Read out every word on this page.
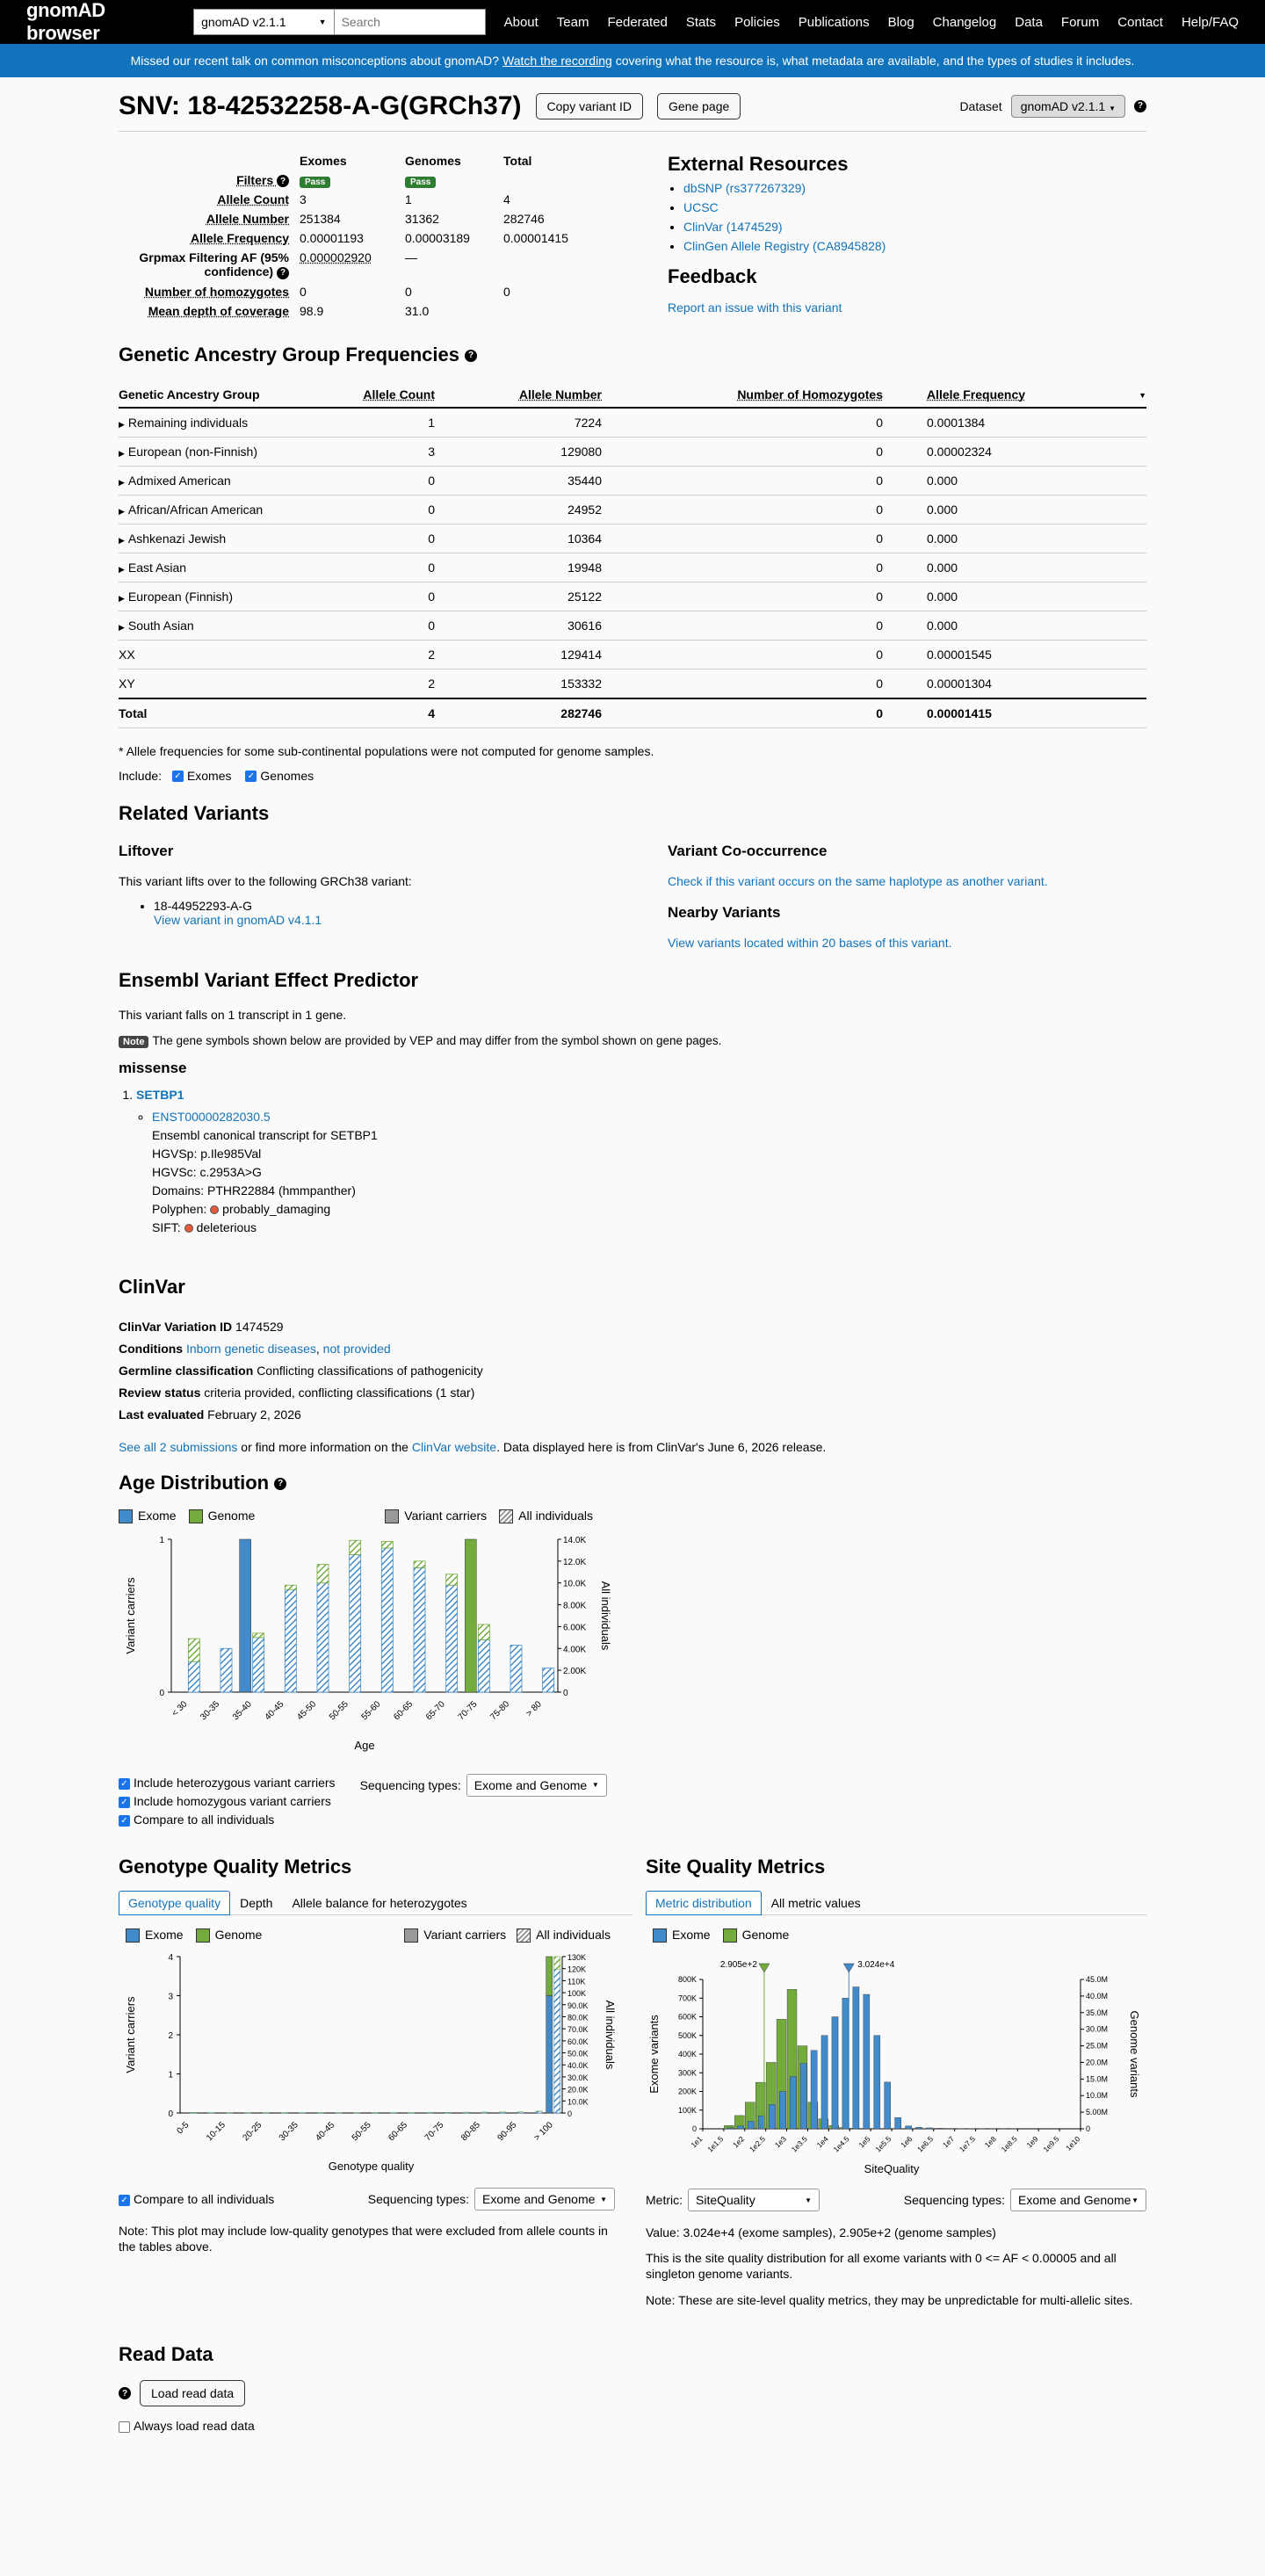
gnomAD browser	gnomAD v2.1.1	▼
Search	About Team Federated Stats Policies Publications Blog Changelog Data Forum Contact Help/FAQ
Missed our recent talk on common misconceptions about gnomAD? Watch the recording covering what the resource is, what metadata are available, and the types of studies it includes.
SNV: 18-42532258-A-G(GRCh37)	Copy variant ID	Gene page	Dataset	gnomAD v2.1.1 ▼	?
	Exomes	Genomes	Total
Filters ?	Pass	Pass	
Allele Count	3	1	4
Allele Number	251384	31362	282746
Allele Frequency	0.00001193	0.00003189	0.00001415
Grpmax Filtering AF (95% confidence) ?	0.000002920	—	
Number of homozygotes	0	0	0
Mean depth of coverage	98.9	31.0	
External Resources
• dbSNP (rs377267329)
• UCSC
• ClinVar (1474529)
• ClinGen Allele Registry (CA8945828)
Feedback
Report an issue with this variant
Genetic Ancestry Group Frequencies ?
Genetic Ancestry Group	Allele Count	Allele Number	Number of Homozygotes	Allele Frequency ▼

▶ Remaining individuals	1	7224	0	0.0001384
▶ European (non-Finnish)	3	129080	0	0.00002324
▶ Admixed American	0	35440	0	0.000
▶ African/African American	0	24952	0	0.000
▶ Ashkenazi Jewish	0	10364	0	0.000
▶ East Asian	0	19948	0	0.000
▶ European (Finnish)	0	25122	0	0.000
▶ South Asian	0	30616	0	0.000
XX	2	129414	0	0.00001545
XY	2	153332	0	0.00001304
Total	4	282746	0	0.00001415
* Allele frequencies for some sub-continental populations were not computed for genome samples.
Include: ✓ Exomes ✓ Genomes
Related Variants
Liftover
This variant lifts over to the following GRCh38 variant:
• 18-44952293-A-G
View variant in gnomAD v4.1.1
Variant Co-occurrence
Check if this variant occurs on the same haplotype as another variant.
Nearby Variants
View variants located within 20 bases of this variant.
Ensembl Variant Effect Predictor
This variant falls on 1 transcript in 1 gene.
Note The gene symbols shown below are provided by VEP and may differ from the symbol shown on gene pages.
missense
1. SETBP1
◦ ENST00000282030.5
Ensembl canonical transcript for SETBP1
HGVSp: p.Ile985Val
HGVSc: c.2953A>G
Domains: PTHR22884 (hmmpanther)
Polyphen: probably_damaging
SIFT: deleterious
ClinVar
ClinVar Variation ID 1474529
Conditions Inborn genetic diseases, not provided
Germline classification Conflicting classifications of pathogenicity
Review status criteria provided, conflicting classifications (1 star)
Last evaluated February 2, 2026
See all 2 submissions or find more information on the ClinVar website. Data displayed here is from ClinVar's June 6, 2026 release.
Age Distribution ?
Exome	Genome	Variant carriers	All individuals
0
1
0
2.00K
4.00K
6.00K
8.00K
10.0K
12.0K
14.0K
< 30 30-35 35-40 40-45 45-50 50-55 55-60 60-65 65-70 70-75 75-80 > 80
Variant carriers	All individuals
Age
✓ Include heterozygous variant carriers
✓ Include homozygous variant carriers
✓ Compare to all individuals
Sequencing types: Exome and Genome ▼
Genotype Quality Metrics
Genotype quality	Depth	Allele balance for heterozygotes
Exome	Genome	Variant carriers	All individuals
0
1
2
3
4
0
10.0K
20.0K
30.0K
40.0K
50.0K
60.0K
70.0K
80.0K
90.0K
100K
110K
120K
130K
0-5 10-15 20-25 30-35 40-45 50-55 60-65 70-75 80-85 90-95 > 100
Variant carriers	All individuals
Genotype quality
✓ Compare to all individuals	Sequencing types: Exome and Genome ▼
Note: This plot may include low-quality genotypes that were excluded from allele counts in the tables above.
Site Quality Metrics
Metric distribution	All metric values
Exome	Genome
0
100K
200K
300K
400K
500K
600K
700K
800K
0
5.00M
10.0M
15.0M
20.0M
25.0M
30.0M
35.0M
40.0M
45.0M
2.905e+2	3.024e+4
1e1 1e1.5 1e2 1e2.5 1e3 1e3.5 1e4 1e4.5 1e5 1e5.5 1e6 1e6.5 1e7 1e7.5 1e8 1e8.5 1e9 1e9.5 1e10
Exome variants	Genome variants
SiteQuality
Metric: SiteQuality	▼	Sequencing types: Exome and Genome ▼
Value: 3.024e+4 (exome samples), 2.905e+2 (genome samples)
This is the site quality distribution for all exome variants with 0 <= AF < 0.00005 and all singleton genome variants.
Note: These are site-level quality metrics, they may be unpredictable for multi-allelic sites.
Read Data
?	Load read data
Always load read data
